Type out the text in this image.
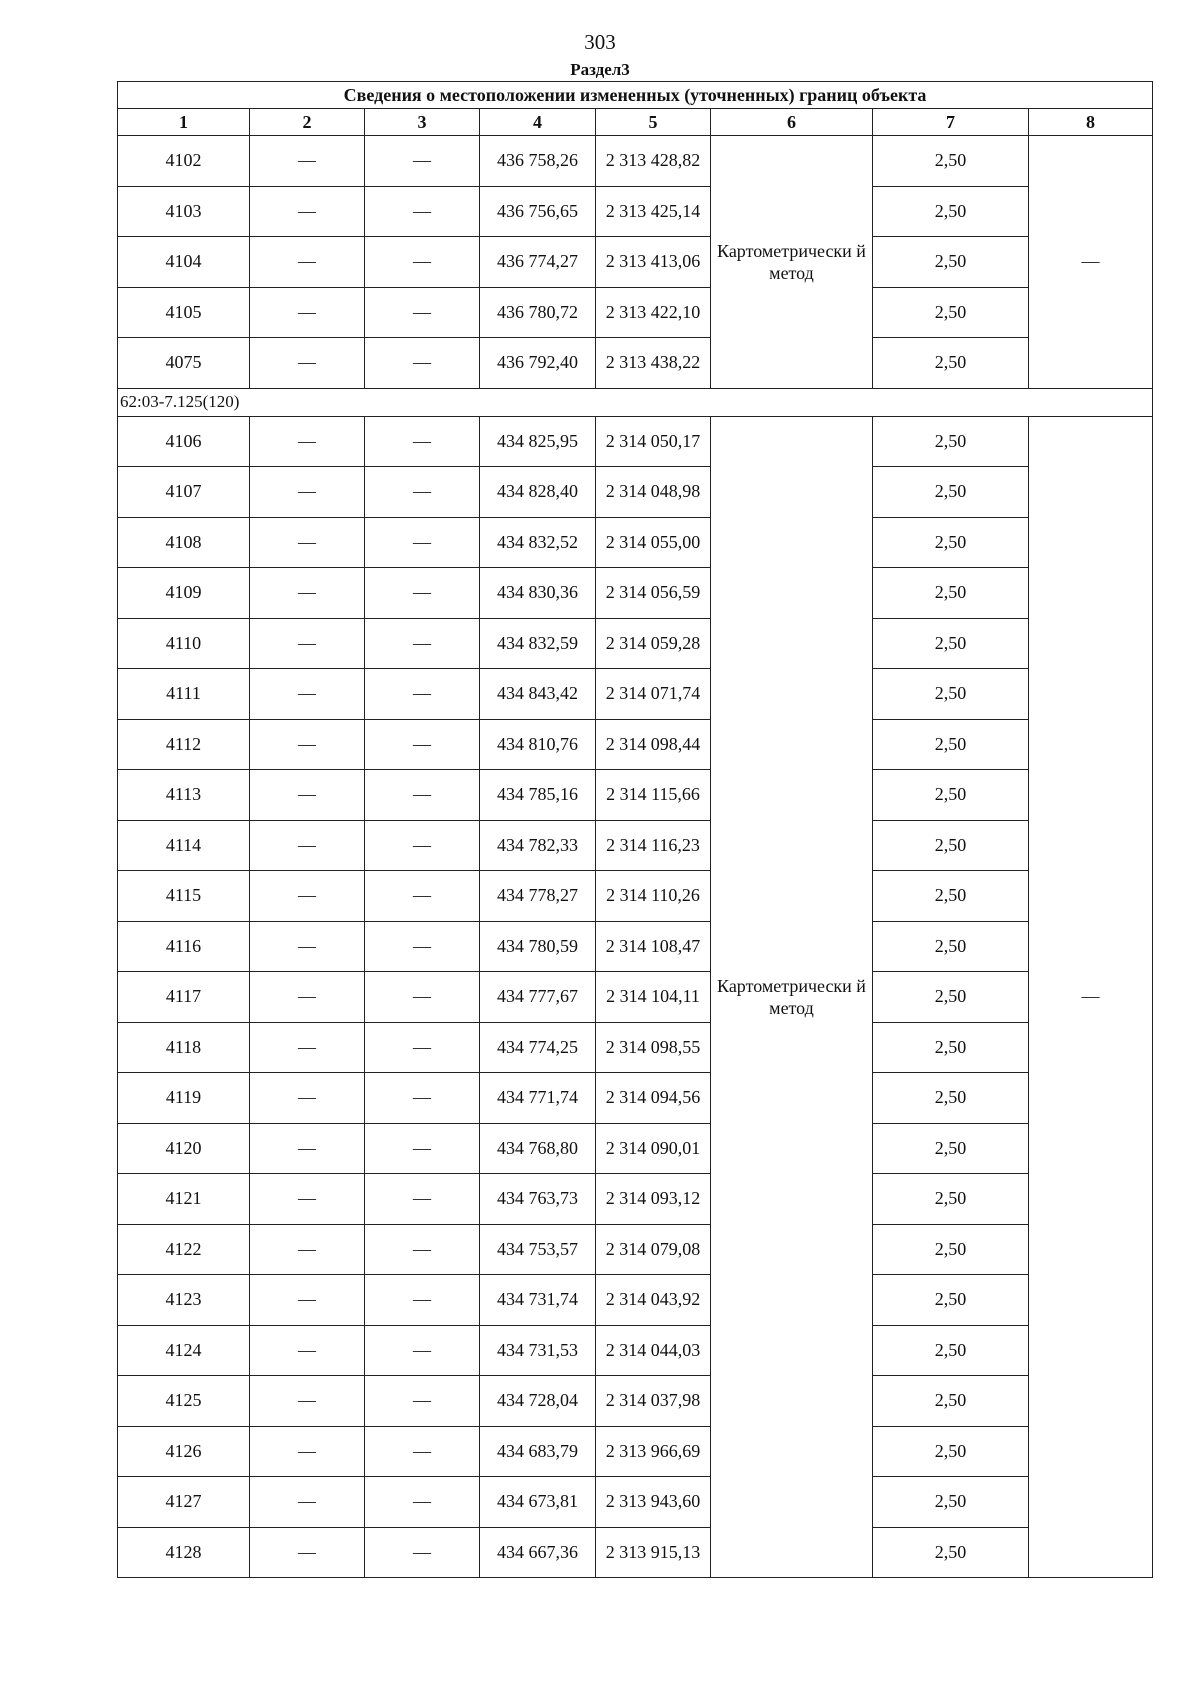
303
Раздел3
Сведения о местоположении измененных (уточненных) границ объекта							
1	2	3	4	5	6	7	8
4102	—	—	436 758,26	2 313 428,82	Картометрически й метод	2,50	—
4103	—	—	436 756,65	2 313 425,14		2,50	
4104	—	—	436 774,27	2 313 413,06		2,50	
4105	—	—	436 780,72	2 313 422,10		2,50	
4075	—	—	436 792,40	2 313 438,22		2,50	
62:03-7.125(120)							
4106	—	—	434 825,95	2 314 050,17	Картометрически й метод	2,50	—
4107	—	—	434 828,40	2 314 048,98		2,50	
4108	—	—	434 832,52	2 314 055,00		2,50	
4109	—	—	434 830,36	2 314 056,59		2,50	
4110	—	—	434 832,59	2 314 059,28		2,50	
4111	—	—	434 843,42	2 314 071,74		2,50	
4112	—	—	434 810,76	2 314 098,44		2,50	
4113	—	—	434 785,16	2 314 115,66		2,50	
4114	—	—	434 782,33	2 314 116,23		2,50	
4115	—	—	434 778,27	2 314 110,26		2,50	
4116	—	—	434 780,59	2 314 108,47		2,50	
4117	—	—	434 777,67	2 314 104,11		2,50	
4118	—	—	434 774,25	2 314 098,55		2,50	
4119	—	—	434 771,74	2 314 094,56		2,50	
4120	—	—	434 768,80	2 314 090,01		2,50	
4121	—	—	434 763,73	2 314 093,12		2,50	
4122	—	—	434 753,57	2 314 079,08		2,50	
4123	—	—	434 731,74	2 314 043,92		2,50	
4124	—	—	434 731,53	2 314 044,03		2,50	
4125	—	—	434 728,04	2 314 037,98		2,50	
4126	—	—	434 683,79	2 313 966,69		2,50	
4127	—	—	434 673,81	2 313 943,60		2,50	
4128	—	—	434 667,36	2 313 915,13		2,50	
